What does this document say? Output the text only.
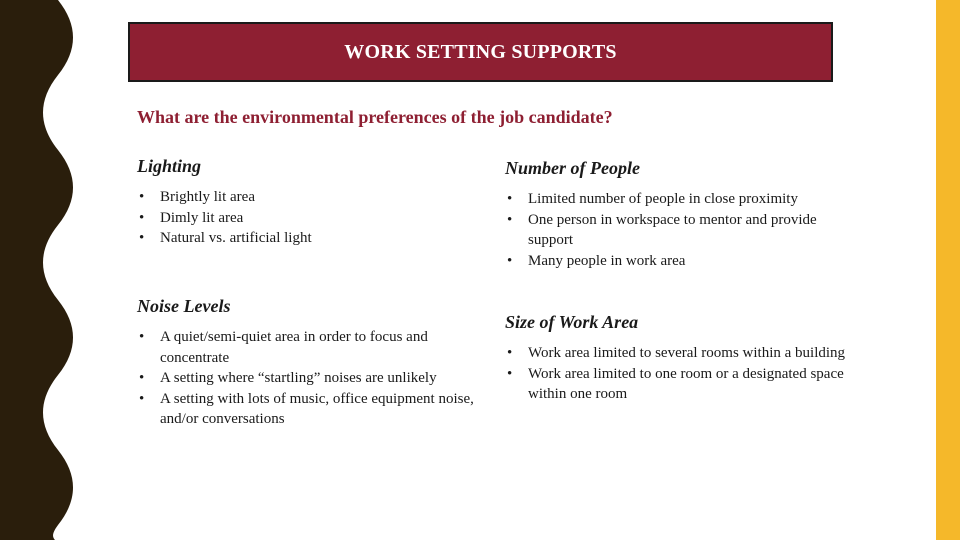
WORK SETTING SUPPORTS
What are the environmental preferences of the job candidate?
Lighting
• Brightly lit area
• Dimly lit area
• Natural vs. artificial light
Number of People
• Limited number of people in close proximity
• One person in workspace to mentor and provide support
• Many people in work area
Noise Levels
• A quiet/semi-quiet area in order to focus and concentrate
• A setting where “startling” noises are unlikely
• A setting with lots of music, office equipment noise, and/or conversations
Size of Work Area
• Work area limited to several rooms within a building
• Work area limited to one room or a designated space within one room
